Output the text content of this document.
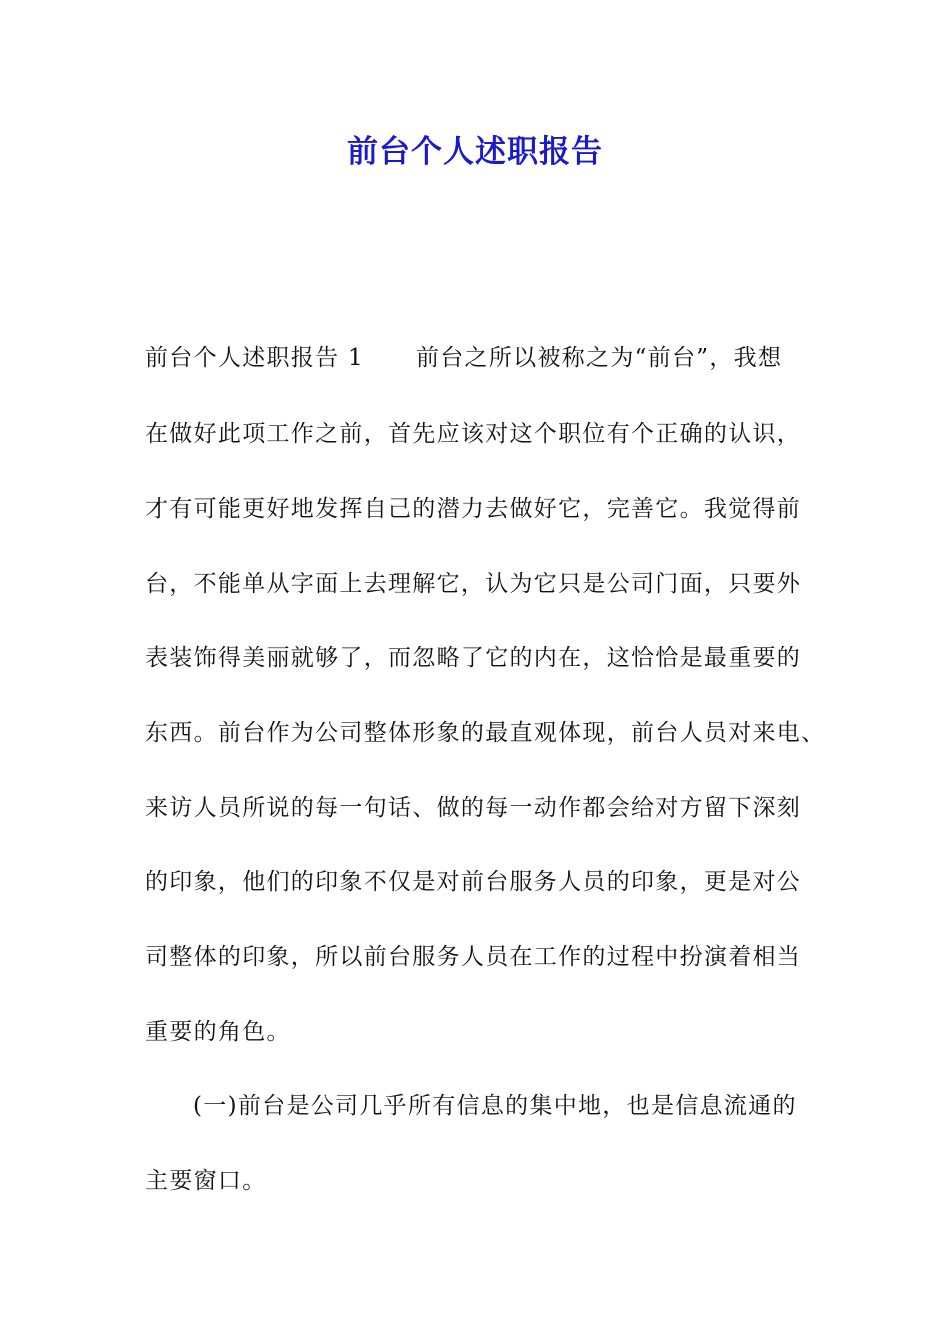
前台个人述职报告
前台个人述职报告 1 前台之所以被称之为“前台”，我想
在做好此项工作之前，首先应该对这个职位有个正确的认识，
才有可能更好地发挥自己的潜力去做好它，完善它。我觉得前
台，不能单从字面上去理解它，认为它只是公司门面，只要外
表装饰得美丽就够了，而忽略了它的内在，这恰恰是最重要的
东西。前台作为公司整体形象的最直观体现，前台人员对来电、
来访人员所说的每一句话、做的每一动作都会给对方留下深刻
的印象，他们的印象不仅是对前台服务人员的印象，更是对公
司整体的印象，所以前台服务人员在工作的过程中扮演着相当
重要的角色。
(一)前台是公司几乎所有信息的集中地，也是信息流通的
主要窗口。
